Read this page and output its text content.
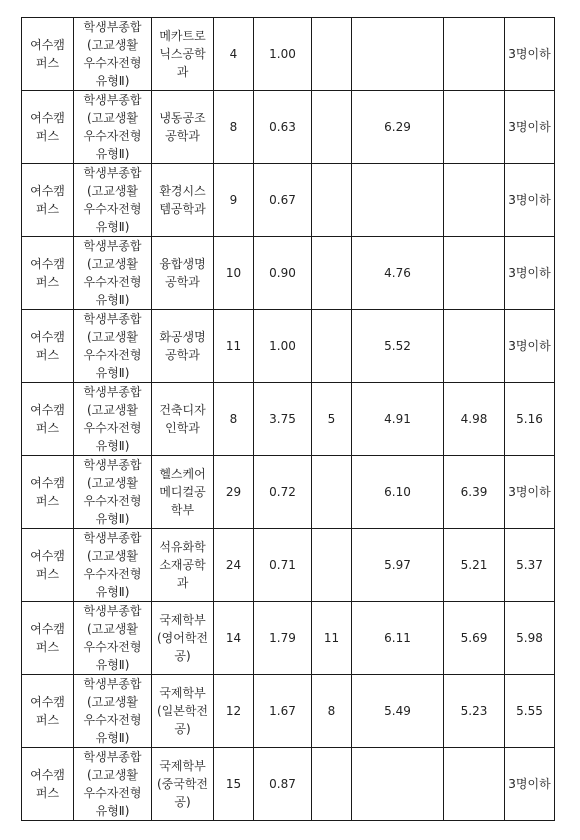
여수캠
퍼스	학생부종합
(고교생활
우수자전형
유형Ⅱ)	메카트로
닉스공학
과	4	1.00				3명이하

여수캠
퍼스	학생부종합
(고교생활
우수자전형
유형Ⅱ)	냉동공조
공학과	8	0.63		6.29		3명이하

여수캠
퍼스	학생부종합
(고교생활
우수자전형
유형Ⅱ)	환경시스
템공학과	9	0.67				3명이하

여수캠
퍼스	학생부종합
(고교생활
우수자전형
유형Ⅱ)	융합생명
공학과	10	0.90		4.76		3명이하

여수캠
퍼스	학생부종합
(고교생활
우수자전형
유형Ⅱ)	화공생명
공학과	11	1.00		5.52		3명이하

여수캠
퍼스	학생부종합
(고교생활
우수자전형
유형Ⅱ)	건축디자
인학과	8	3.75	5	4.91	4.98	5.16

여수캠
퍼스	학생부종합
(고교생활
우수자전형
유형Ⅱ)	헬스케어
메디컬공
학부	29	0.72		6.10	6.39	3명이하

여수캠
퍼스	학생부종합
(고교생활
우수자전형
유형Ⅱ)	석유화학
소재공학
과	24	0.71		5.97	5.21	5.37

여수캠
퍼스	학생부종합
(고교생활
우수자전형
유형Ⅱ)	국제학부
(영어학전
공)	14	1.79	11	6.11	5.69	5.98

여수캠
퍼스	학생부종합
(고교생활
우수자전형
유형Ⅱ)	국제학부
(일본학전
공)	12	1.67	8	5.49	5.23	5.55

여수캠
퍼스	학생부종합
(고교생활
우수자전형
유형Ⅱ)	국제학부
(중국학전
공)	15	0.87				3명이하
